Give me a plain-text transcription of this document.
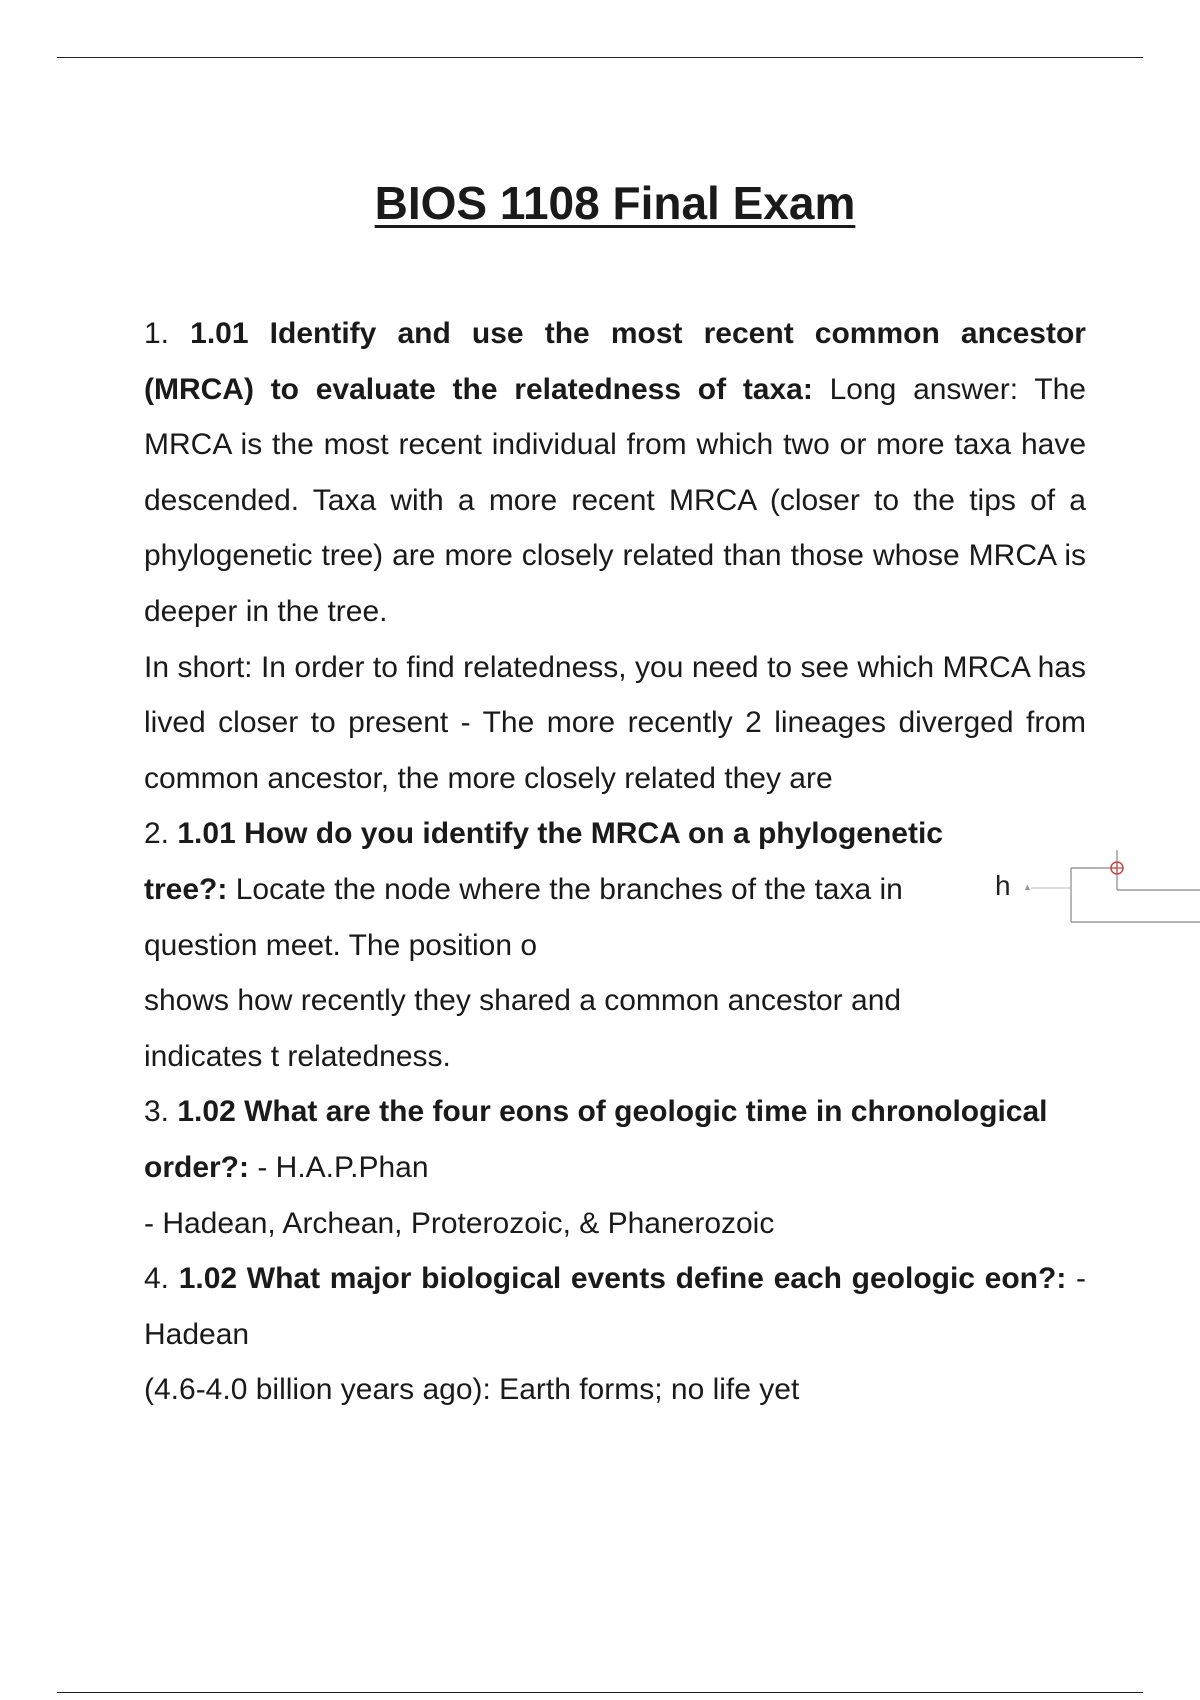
BIOS 1108 Final Exam

1. 1.01 Identify and use the most recent common ancestor (MRCA) to evaluate the relatedness of taxa: Long answer: The MRCA is the most recent individual from which two or more taxa have descended. Taxa with a more recent MRCA (closer to the tips of a phylogenetic tree) are more closely related than those whose MRCA is deeper in the tree.

In short: In order to find relatedness, you need to see which MRCA has lived closer to present - The more recently 2 lineages diverged from common ancestor, the more closely related they are

2. 1.01 How do you identify the MRCA on a phylogenetic tree?: Locate the node where the branches of the taxa in question meet. The position o

shows how recently they shared a common ancestor and indicates t relatedness.

3. 1.02 What are the four eons of geologic time in chronological order?: - H.A.P.Phan

- Hadean, Archean, Proterozoic, & Phanerozoic

4. 1.02 What major biological events define each geologic eon?: - Hadean

(4.6-4.0 billion years ago): Earth forms; no life yet

h ▲
